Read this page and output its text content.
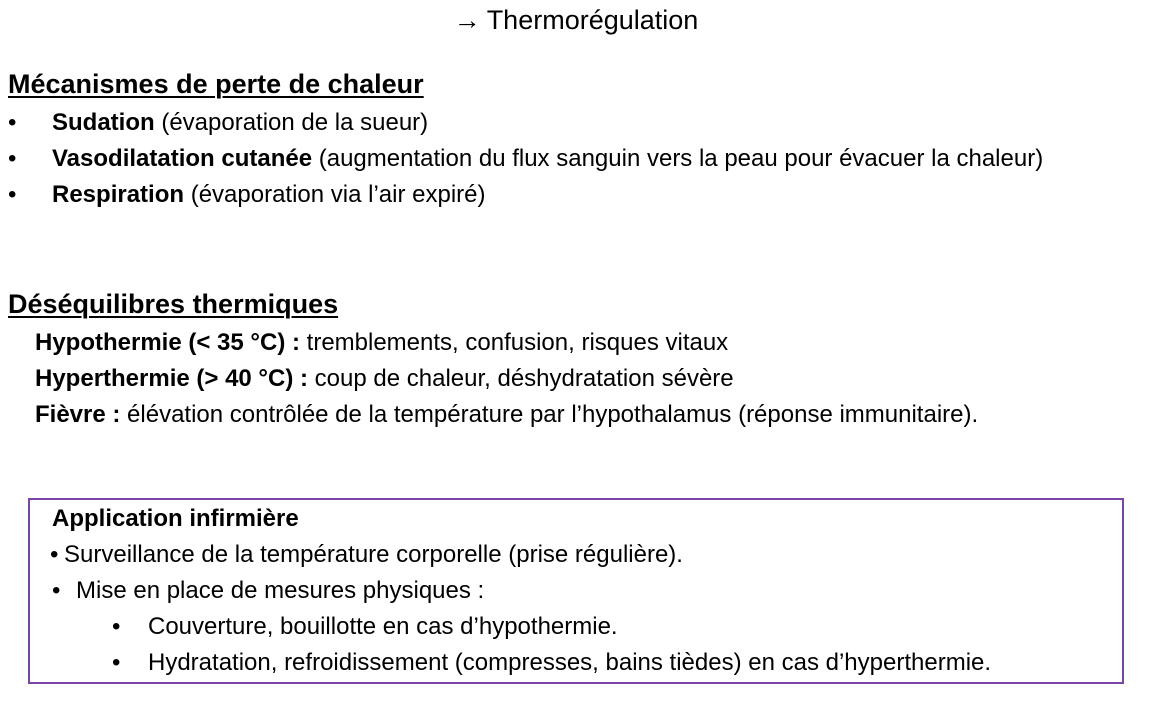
→ Thermorégulation
Mécanismes de perte de chaleur
• Sudation (évaporation de la sueur)
• Vasodilatation cutanée (augmentation du flux sanguin vers la peau pour évacuer la chaleur)
• Respiration (évaporation via l’air expiré)
Déséquilibres thermiques
Hypothermie (< 35 °C) : tremblements, confusion, risques vitaux
Hyperthermie (> 40 °C) : coup de chaleur, déshydratation sévère
Fièvre : élévation contrôlée de la température par l’hypothalamus (réponse immunitaire).
Application infirmière
• Surveillance de la température corporelle (prise régulière).
• Mise en place de mesures physiques :
• Couverture, bouillotte en cas d’hypothermie.
• Hydratation, refroidissement (compresses, bains tièdes) en cas d’hyperthermie.
